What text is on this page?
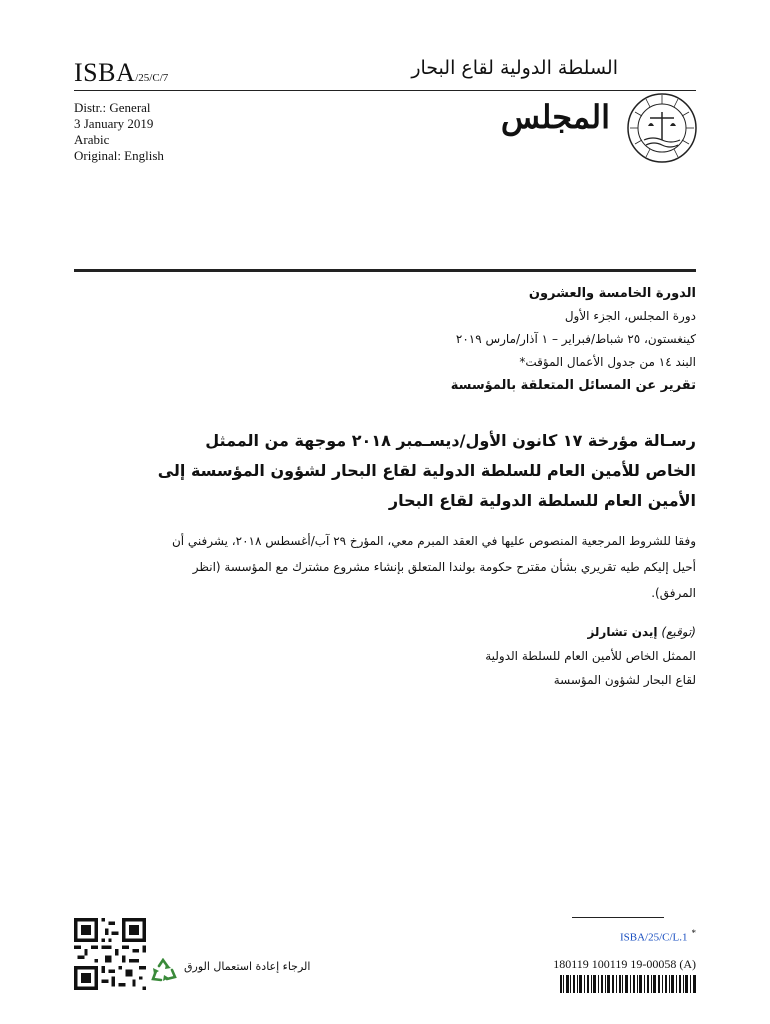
ISBA/25/C/7	السلطة الدولية لقاع البحار
Distr.: General
3 January 2019
Arabic
Original: English
المجلس
الدورة الخامسة والعشرون
دورة المجلس، الجزء الأول
كينغستون، ٢٥ شباط/فبراير – ١ آذار/مارس ٢٠١٩
البند ١٤ من جدول الأعمال المؤقت*
تقرير عن المسائل المتعلقة بالمؤسسة
رسـالة مؤرخة ١٧ كانون الأول/ديسـمبر ٢٠١٨ موجهة من الممثل الخاص للأمين العام للسلطة الدولية لقاع البحار لشؤون المؤسسة إلى الأمين العام للسلطة الدولية لقاع البحار
وفقا للشروط المرجعية المنصوص عليها في العقد المبرم معي، المؤرخ ٢٩ آب/أغسطس ٢٠١٨، يشرفني أن أحيل إليكم طيه تقريري بشأن مقترح حكومة بولندا المتعلق بإنشاء مشروع مشترك مع المؤسسة (انظر المرفق).
(توقيع) إيدن تشارلز
الممثل الخاص للأمين العام للسلطة الدولية
لقاع البحار لشؤون المؤسسة
ISBA/25/C/L.1 *
180119 100119 19-00058 (A)
الرجاء إعادة استعمال الورق
